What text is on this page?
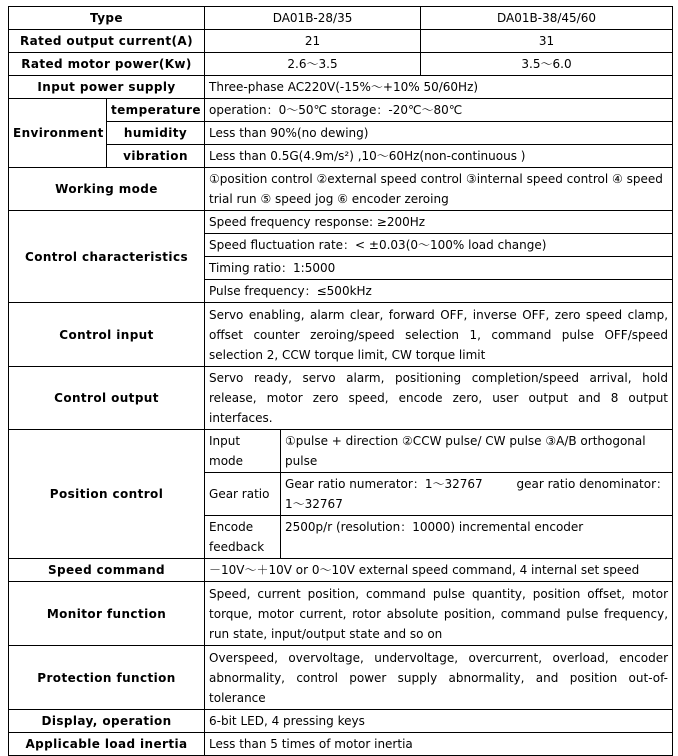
Type		DA01B-28/35		DA01B-38/45/60
Rated output current(A)		21		31
Rated motor power(Kw)		2.6～3.5		3.5～6.0
Input power supply		Three-phase AC220V(-15%～+10% 50/60Hz)		
Environment	temperature	operation：0～50℃ storage：-20℃～80℃		
	humidity	Less than 90%(no dewing)		
	vibration	Less than 0.5G(4.9m/s²) ,10～60Hz(non-continuous )		
Working mode		①position control ②external speed control ③internal speed control ④ speed trial run ⑤ speed jog ⑥ encoder zeroing		
Control characteristics		Speed frequency response: ≥200Hz		
		Speed fluctuation rate：< ±0.03(0～100% load change)		
		Timing ratio：1:5000		
		Pulse frequency：≤500kHz		
Control input		Servo enabling, alarm clear, forward OFF, inverse OFF, zero speed clamp, offset counter zeroing/speed selection 1, command pulse OFF/speed selection 2, CCW torque limit, CW torque limit		
Control output		Servo ready, servo alarm, positioning completion/speed arrival, hold release, motor zero speed, encode zero, user output and 8 output interfaces.		
Position control		Input mode	①pulse + direction ②CCW pulse/ CW pulse ③A/B orthogonal pulse	
		Gear ratio	Gear ratio numerator：1～32767 gear ratio denominator：
1～32767	

		Encode feedback	2500p/r (resolution：10000) incremental encoder	
Speed command		－10V～＋10V or 0～10V external speed command, 4 internal set speed		
Monitor function		Speed, current position, command pulse quantity, position offset, motor torque, motor current, rotor absolute position, command pulse frequency, run state, input/output state and so on		
Protection function		Overspeed, overvoltage, undervoltage, overcurrent, overload, encoder abnormality, control power supply abnormality, and position out-of-tolerance		
Display, operation		6-bit LED, 4 pressing keys		
Applicable load inertia		Less than 5 times of motor inertia		
